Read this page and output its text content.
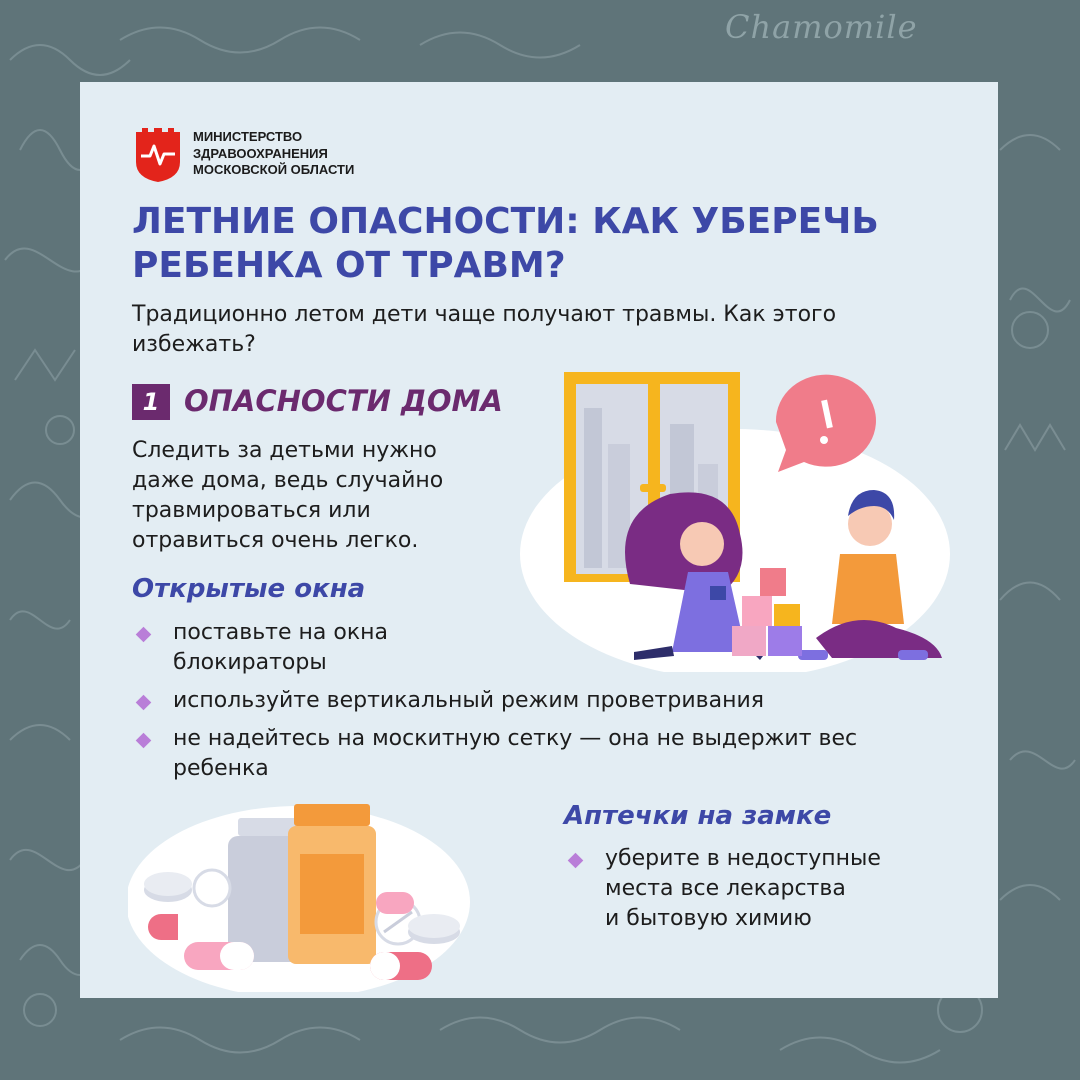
Chamomile
МИНИСТЕРСТВО
ЗДРАВООХРАНЕНИЯ
МОСКОВСКОЙ ОБЛАСТИ
ЛЕТНИЕ ОПАСНОСТИ: КАК УБЕРЕЧЬ
РЕБЕНКА ОТ ТРАВМ?
Традиционно летом дети чаще получают травмы. Как этого
избежать?
1 ОПАСНОСТИ ДОМА
Следить за детьми нужно
даже дома, ведь случайно
травмироваться или
отравиться очень легко.
Открытые окна
поставьте на окна
блокираторы
используйте вертикальный режим проветривания
не надейтесь на москитную сетку — она не выдержит вес
ребенка
Аптечки на замке
уберите в недоступные
места все лекарства
и бытовую химию
